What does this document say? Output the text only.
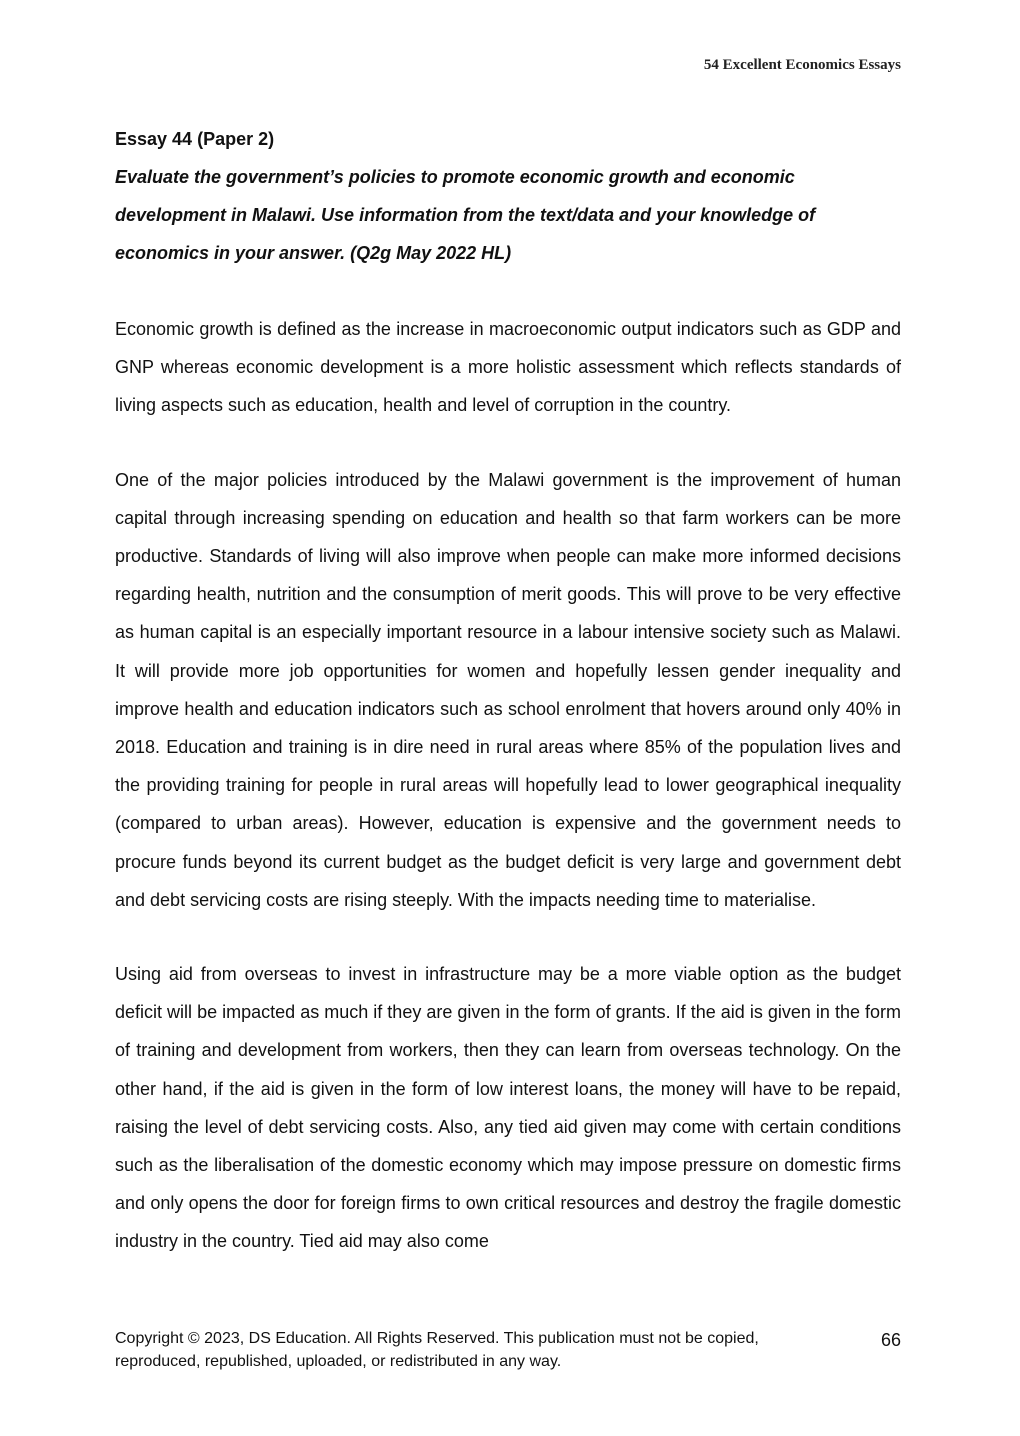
54 Excellent Economics Essays

Essay 44 (Paper 2)

Evaluate the government’s policies to promote economic growth and economic development in Malawi. Use information from the text/data and your knowledge of economics in your answer. (Q2g May 2022 HL)

Economic growth is defined as the increase in macroeconomic output indicators such as GDP and GNP whereas economic development is a more holistic assessment which reflects standards of living aspects such as education, health and level of corruption in the country.

One of the major policies introduced by the Malawi government is the improvement of human capital through increasing spending on education and health so that farm workers can be more productive. Standards of living will also improve when people can make more informed decisions regarding health, nutrition and the consumption of merit goods. This will prove to be very effective as human capital is an especially important resource in a labour intensive society such as Malawi. It will provide more job opportunities for women and hopefully lessen gender inequality and improve health and education indicators such as school enrolment that hovers around only 40% in 2018. Education and training is in dire need in rural areas where 85% of the population lives and the providing training for people in rural areas will hopefully lead to lower geographical inequality (compared to urban areas). However, education is expensive and the government needs to procure funds beyond its current budget as the budget deficit is very large and government debt and debt servicing costs are rising steeply. With the impacts needing time to materialise.

Using aid from overseas to invest in infrastructure may be a more viable option as the budget deficit will be impacted as much if they are given in the form of grants. If the aid is given in the form of training and development from workers, then they can learn from overseas technology. On the other hand, if the aid is given in the form of low interest loans, the money will have to be repaid, raising the level of debt servicing costs. Also, any tied aid given may come with certain conditions such as the liberalisation of the domestic economy which may impose pressure on domestic firms and only opens the door for foreign firms to own critical resources and destroy the fragile domestic industry in the country. Tied aid may also come

Copyright © 2023, DS Education. All Rights Reserved. This publication must not be copied, reproduced, republished, uploaded, or redistributed in any way.
66
